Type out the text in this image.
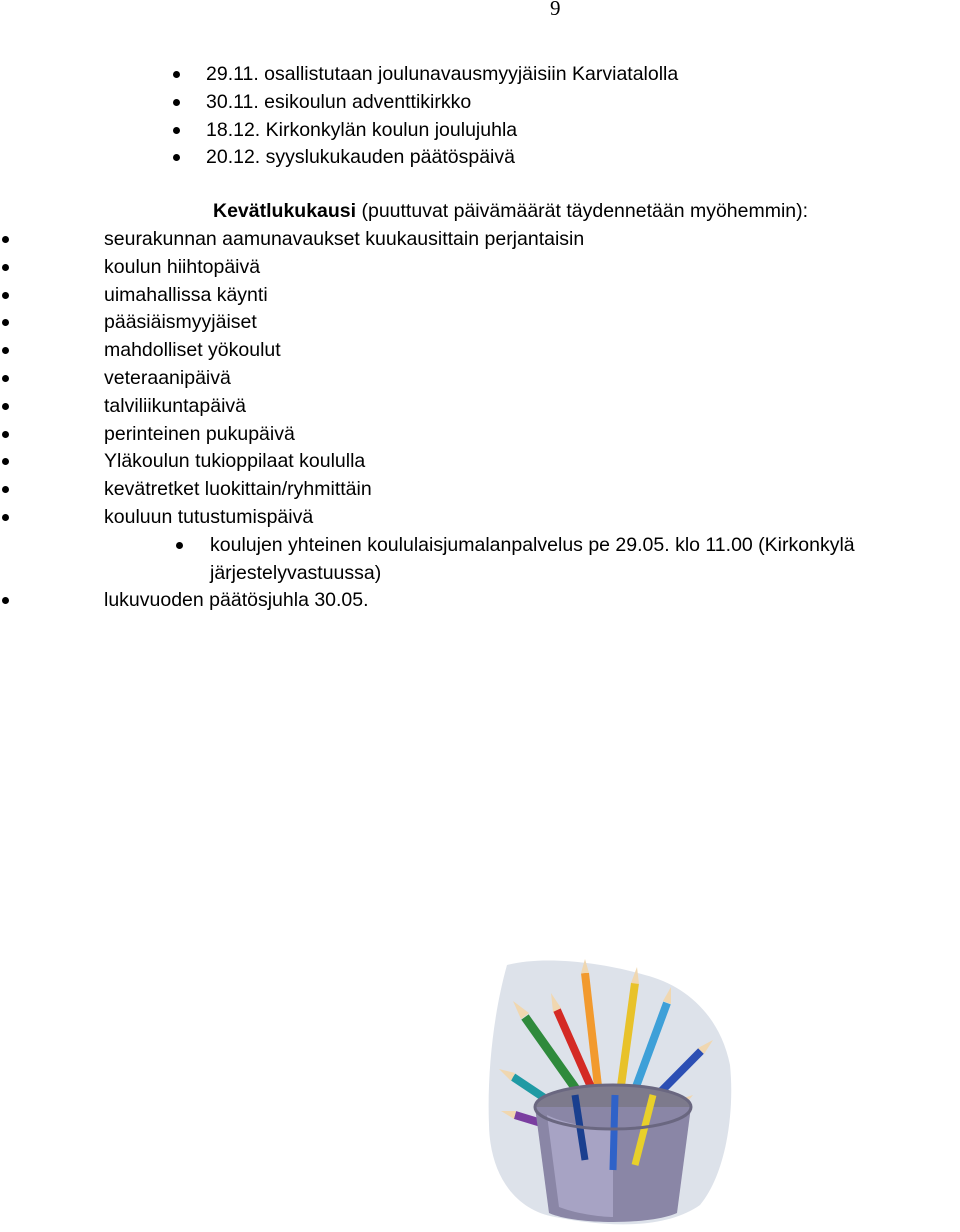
9
29.11. osallistutaan joulunavausmyyjäisiin Karviatalolla
30.11. esikoulun adventtikirkko
18.12. Kirkonkylän koulun joulujuhla
20.12. syyslukukauden päätöspäivä
Kevätlukukausi (puuttuvat päivämäärät täydennetään myöhemmin):
seurakunnan aamunavaukset kuukausittain perjantaisin
koulun hiihtopäivä
uimahallissa käynti
pääsiäismyyjäiset
mahdolliset yökoulut
veteraanipäivä
talviliikuntapäivä
perinteinen pukupäivä
Yläkoulun tukioppilaat koululla
kevätretket luokittain/ryhmittäin
kouluun tutustumispäivä
koulujen yhteinen koululaisjumalanpalvelus pe 29.05. klo 11.00 (Kirkonkylä
järjestelyvastuussa)
lukuvuoden päätösjuhla 30.05.
